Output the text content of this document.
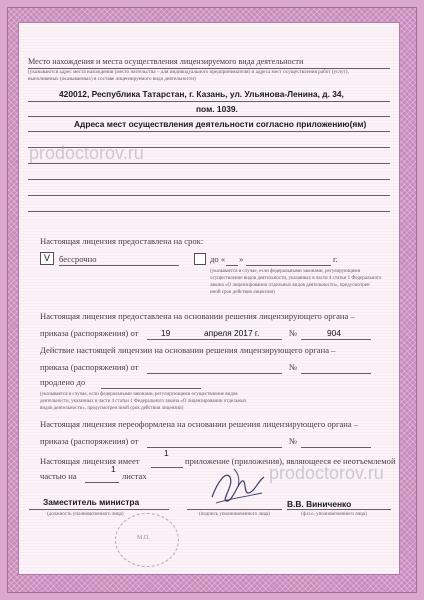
Место нахождения и места осуществления лицензируемого вида деятельности
(указываются адрес места нахождения (место жительства – для индивидуального предпринимателя) и адреса мест осуществления работ (услуг),
выполняемых (оказываемых) в составе лицензируемого вида деятельности)
420012, Республика Татарстан, г. Казань, ул. Ульянова-Ленина, д. 34,
пом. 1039.
Адреса мест осуществления деятельности согласно приложению(ям)
Настоящая лицензия предоставлена на срок:
V	бессрочно	до « »	г.
(указывается в случае, если федеральными законами, регулирующими
осуществление видов деятельности, указанных в части 4 статьи 1 Федерального
закона «О лицензировании отдельных видов деятельности», предусмотрен
иной срок действия лицензии)
Настоящая лицензия предоставлена на основании решения лицензирующего органа –
приказа (распоряжения) от	19	апреля 2017 г.	№	904
Действие настоящей лицензии на основании решения лицензирующего органа –
приказа (распоряжения) от	№
продлено до
(указывается в случае, если федеральными законами, регулирующими осуществление видов
деятельности, указанных в части 4 статьи 1 Федерального закона «О лицензировании отдельных
видов деятельности», предусмотрен иной срок действия лицензии)
Настоящая лицензия переоформлена на основании решения лицензирующего органа –
приказа (распоряжения) от	№
Настоящая лицензия имеет
1
приложение (приложения), являющееся ее неотъемлемой
частью на
1
листах
Заместитель министра	В.В. Виниченко
(должность уполномоченного лица)	(подпись уполномоченного лица)	(ф.и.о. уполномоченного лица)
М.П.
prodoctorov.ru
prodoctorov.ru
